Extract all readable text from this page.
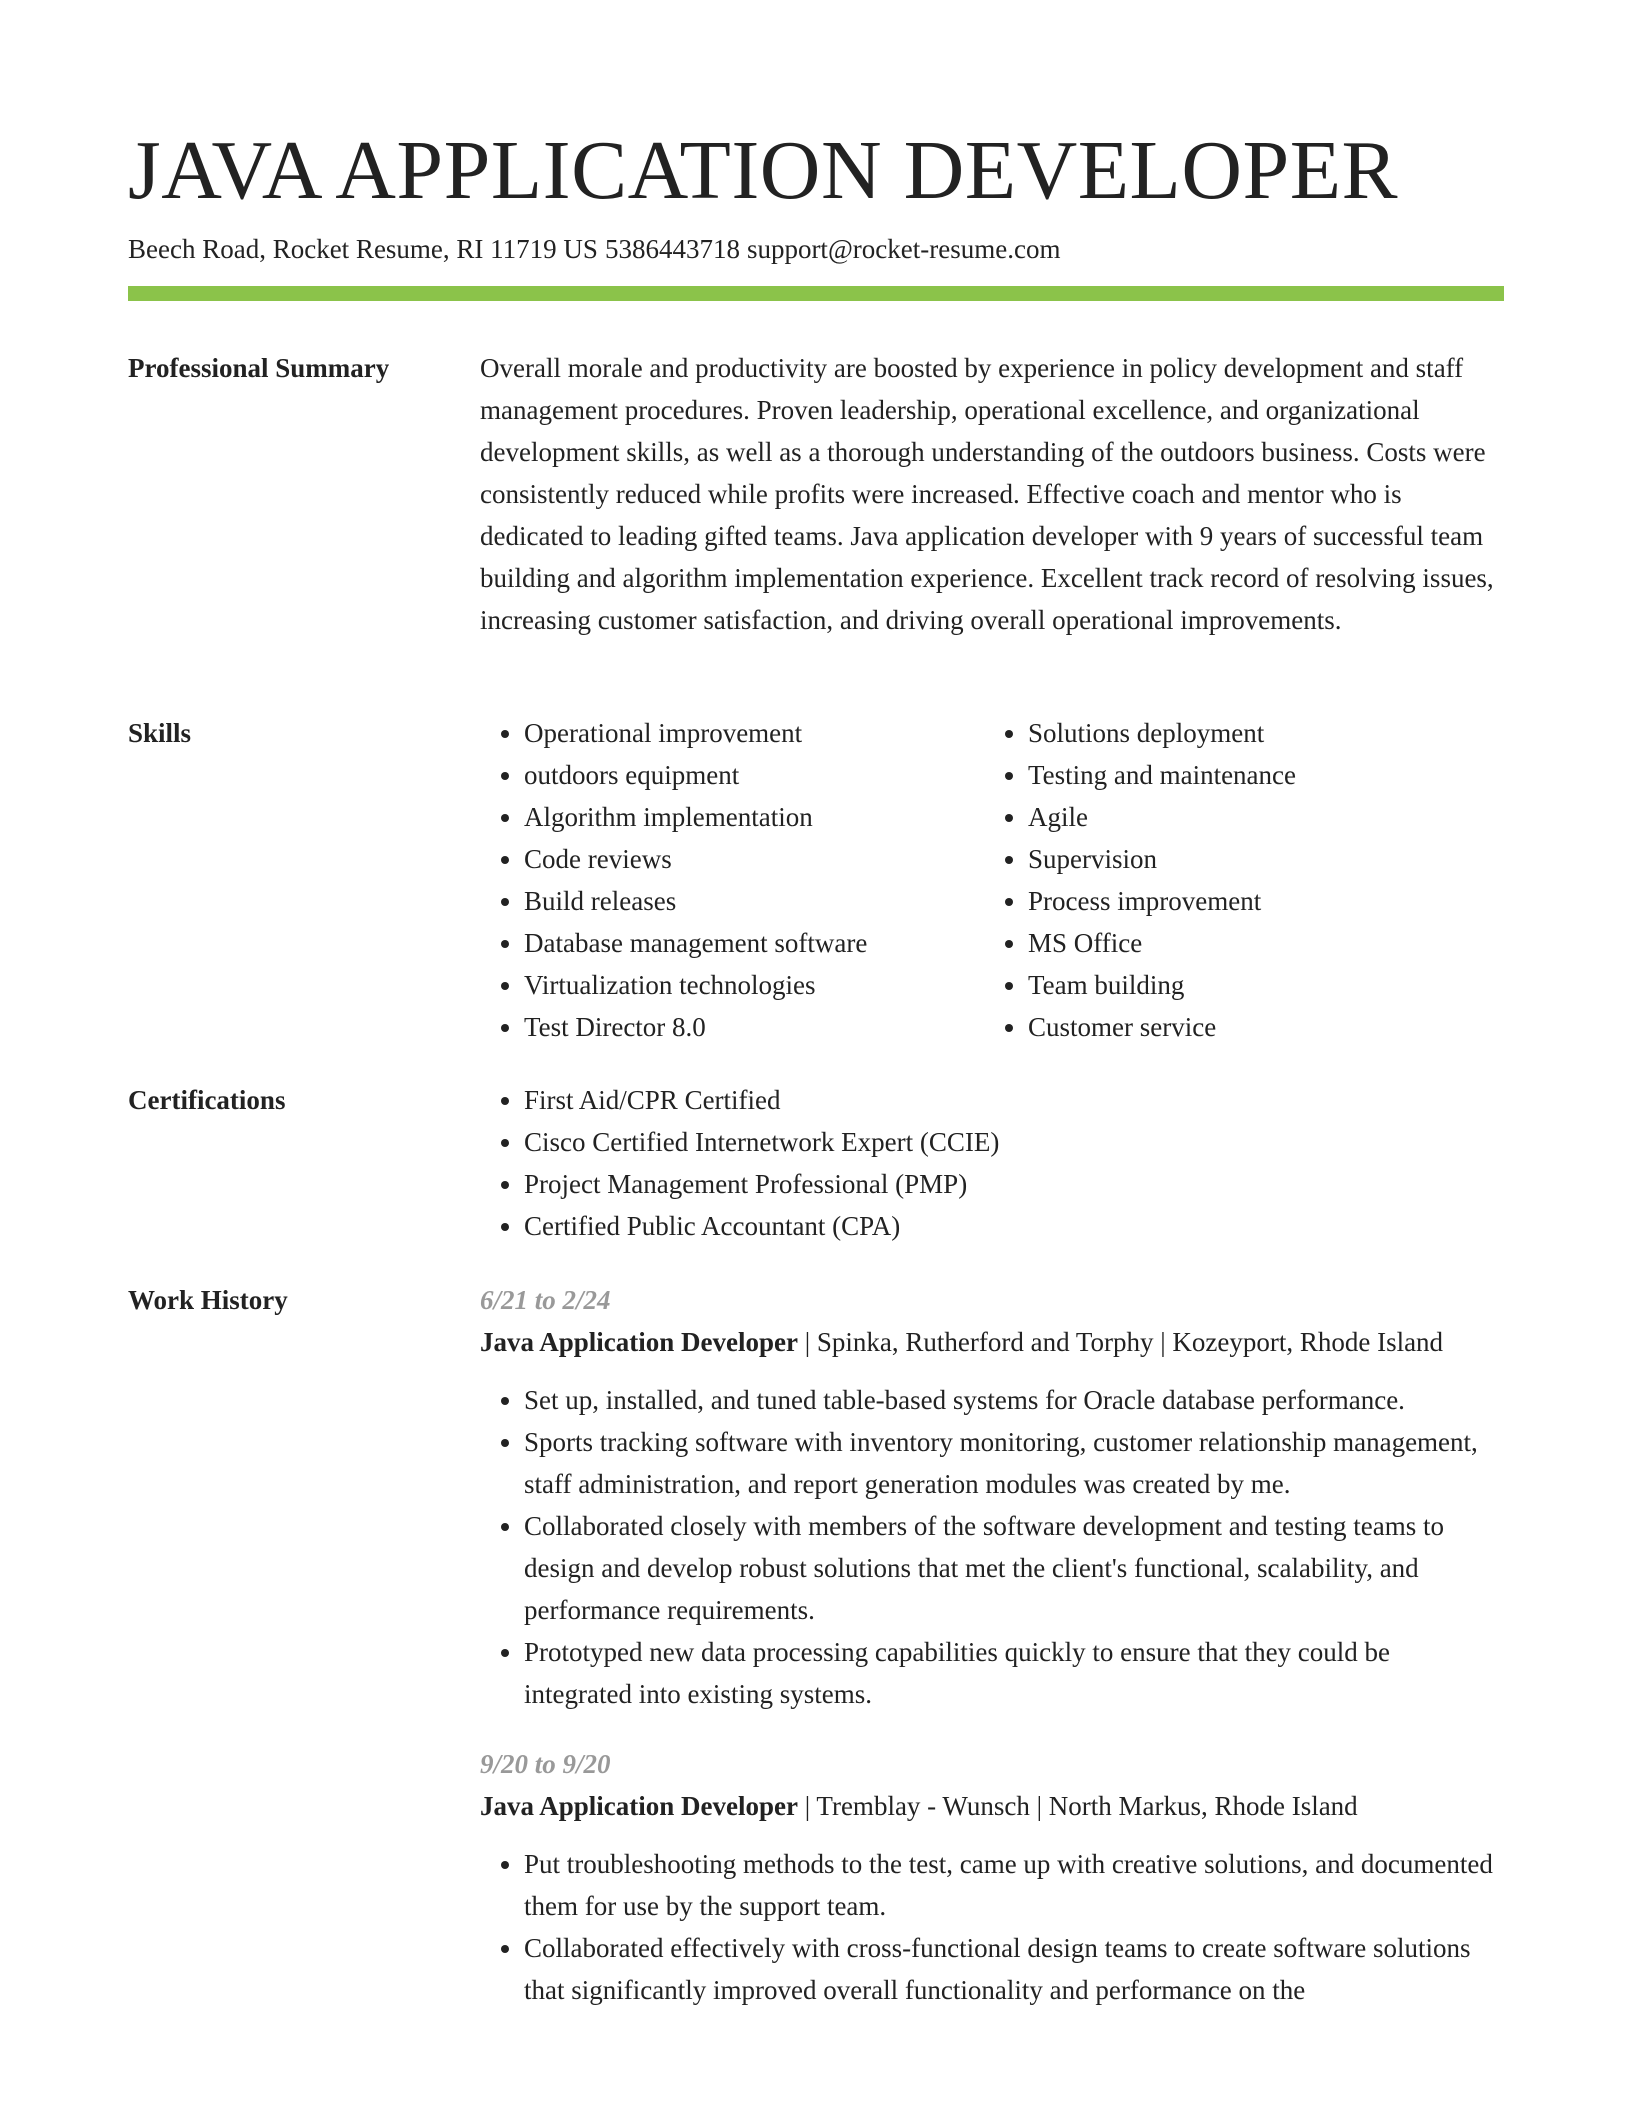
JAVA APPLICATION DEVELOPER
Beech Road, Rocket Resume, RI 11719 US 5386443718 support@rocket-resume.com
Professional Summary	Overall morale and productivity are boosted by experience in policy development and staff management procedures. Proven leadership, operational excellence, and organizational development skills, as well as a thorough understanding of the outdoors business. Costs were consistently reduced while profits were increased. Effective coach and mentor who is dedicated to leading gifted teams. Java application developer with 9 years of successful team building and algorithm implementation experience. Excellent track record of resolving issues, increasing customer satisfaction, and driving overall operational improvements.

Skills	• Operational improvement
• outdoors equipment
• Algorithm implementation
• Code reviews
• Build releases
• Database management software
• Virtualization technologies
• Test Director 8.0
• Solutions deployment
• Testing and maintenance
• Agile
• Supervision
• Process improvement
• MS Office
• Team building
• Customer service
Certifications	• First Aid/CPR Certified
• Cisco Certified Internetwork Expert (CCIE)
• Project Management Professional (PMP)
• Certified Public Accountant (CPA)
Work History	6/21 to 2/24
Java Application Developer | Spinka, Rutherford and Torphy | Kozeyport, Rhode Island
• Set up, installed, and tuned table-based systems for Oracle database performance.
• Sports tracking software with inventory monitoring, customer relationship management, staff administration, and report generation modules was created by me.
• Collaborated closely with members of the software development and testing teams to design and develop robust solutions that met the client's functional, scalability, and performance requirements.
• Prototyped new data processing capabilities quickly to ensure that they could be integrated into existing systems.
9/20 to 9/20
Java Application Developer | Tremblay - Wunsch | North Markus, Rhode Island
• Put troubleshooting methods to the test, came up with creative solutions, and documented them for use by the support team.
• Collaborated effectively with cross-functional design teams to create software solutions that significantly improved overall functionality and performance on the
